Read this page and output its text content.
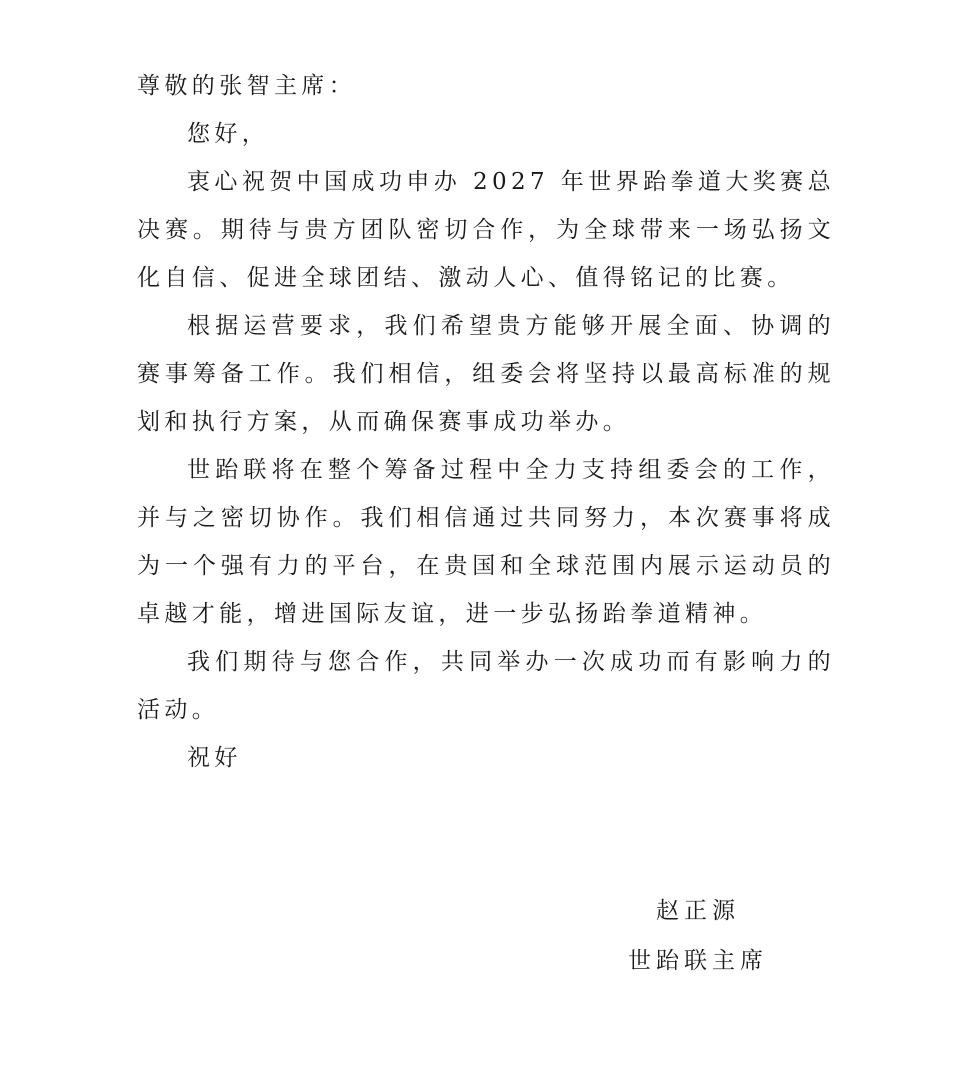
尊敬的张智主席：

您好，

衷心祝贺中国成功申办 2027 年世界跆拳道大奖赛总决赛。期待与贵方团队密切合作，为全球带来一场弘扬文化自信、促进全球团结、激动人心、值得铭记的比赛。

根据运营要求，我们希望贵方能够开展全面、协调的赛事筹备工作。我们相信，组委会将坚持以最高标准的规划和执行方案，从而确保赛事成功举办。

世跆联将在整个筹备过程中全力支持组委会的工作，并与之密切协作。我们相信通过共同努力，本次赛事将成为一个强有力的平台，在贵国和全球范围内展示运动员的卓越才能，增进国际友谊，进一步弘扬跆拳道精神。

我们期待与您合作，共同举办一次成功而有影响力的活动。

祝好

赵正源
世跆联主席
